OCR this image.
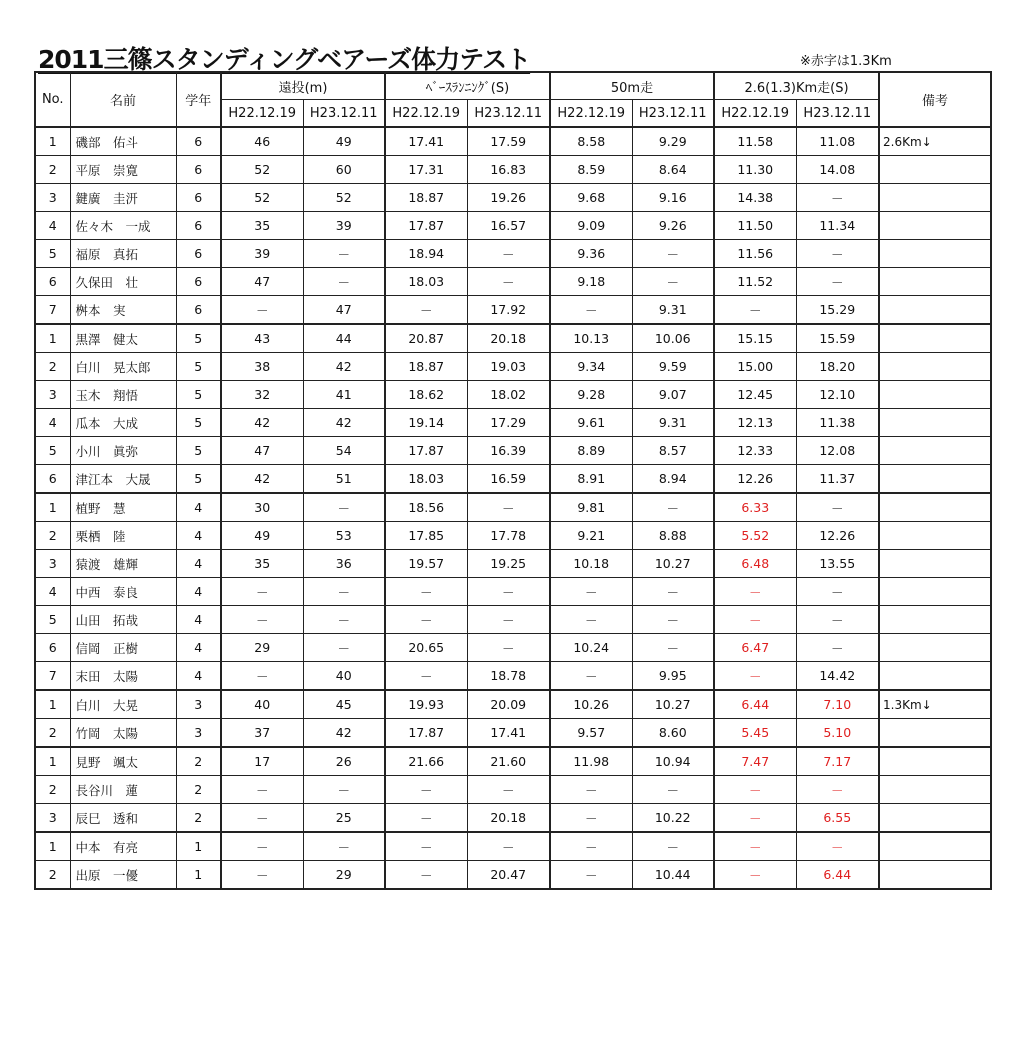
2011三篠スタンディングベアーズ体力テスト	※赤字は1.3Km
No.	名前	学年	遠投(m)		ﾍﾞｰｽﾗﾝﾆﾝｸﾞ(S)		50m走		2.6(1.3)Km走(S)		備考
			H22.12.19	H23.12.11	H22.12.19	H23.12.11	H22.12.19	H23.12.11	H22.12.19	H23.12.11	
1	磯部　佑斗	6	46	49	17.41	17.59	8.58	9.29	11.58	11.08	2.6Km↓
2	平原　崇寛	6	52	60	17.31	16.83	8.59	8.64	11.30	14.08	
3	鍵廣　圭汧	6	52	52	18.87	19.26	9.68	9.16	14.38	－	
4	佐々木　一成	6	35	39	17.87	16.57	9.09	9.26	11.50	11.34	
5	福原　真拓	6	39	－	18.94	－	9.36	－	11.56	－	
6	久保田　壮	6	47	－	18.03	－	9.18	－	11.52	－	
7	桝本　実	6	－	47	－	17.92	－	9.31	－	15.29	
1	黒澤　健太	5	43	44	20.87	20.18	10.13	10.06	15.15	15.59	
2	白川　晃太郎	5	38	42	18.87	19.03	9.34	9.59	15.00	18.20	
3	玉木　翔悟	5	32	41	18.62	18.02	9.28	9.07	12.45	12.10	
4	瓜本　大成	5	42	42	19.14	17.29	9.61	9.31	12.13	11.38	
5	小川　眞弥	5	47	54	17.87	16.39	8.89	8.57	12.33	12.08	
6	津江本　大晟	5	42	51	18.03	16.59	8.91	8.94	12.26	11.37	
1	植野　慧	4	30	－	18.56	－	9.81	－	6.33	－	
2	栗栖　陸	4	49	53	17.85	17.78	9.21	8.88	5.52	12.26	
3	猿渡　雄輝	4	35	36	19.57	19.25	10.18	10.27	6.48	13.55	
4	中西　泰良	4	－	－	－	－	－	－	－	－	
5	山田　拓哉	4	－	－	－	－	－	－	－	－	
6	信岡　正樹	4	29	－	20.65	－	10.24	－	6.47	－	
7	末田　太陽	4	－	40	－	18.78	－	9.95	－	14.42	
1	白川　大晃	3	40	45	19.93	20.09	10.26	10.27	6.44	7.10	1.3Km↓
2	竹岡　太陽	3	37	42	17.87	17.41	9.57	8.60	5.45	5.10	
1	見野　颯太	2	17	26	21.66	21.60	11.98	10.94	7.47	7.17	
2	長谷川　蓮	2	－	－	－	－	－	－	－	－	
3	辰巳　透和	2	－	25	－	20.18	－	10.22	－	6.55	
1	中本　有亮	1	－	－	－	－	－	－	－	－	
2	出原　一優	1	－	29	－	20.47	－	10.44	－	6.44	
